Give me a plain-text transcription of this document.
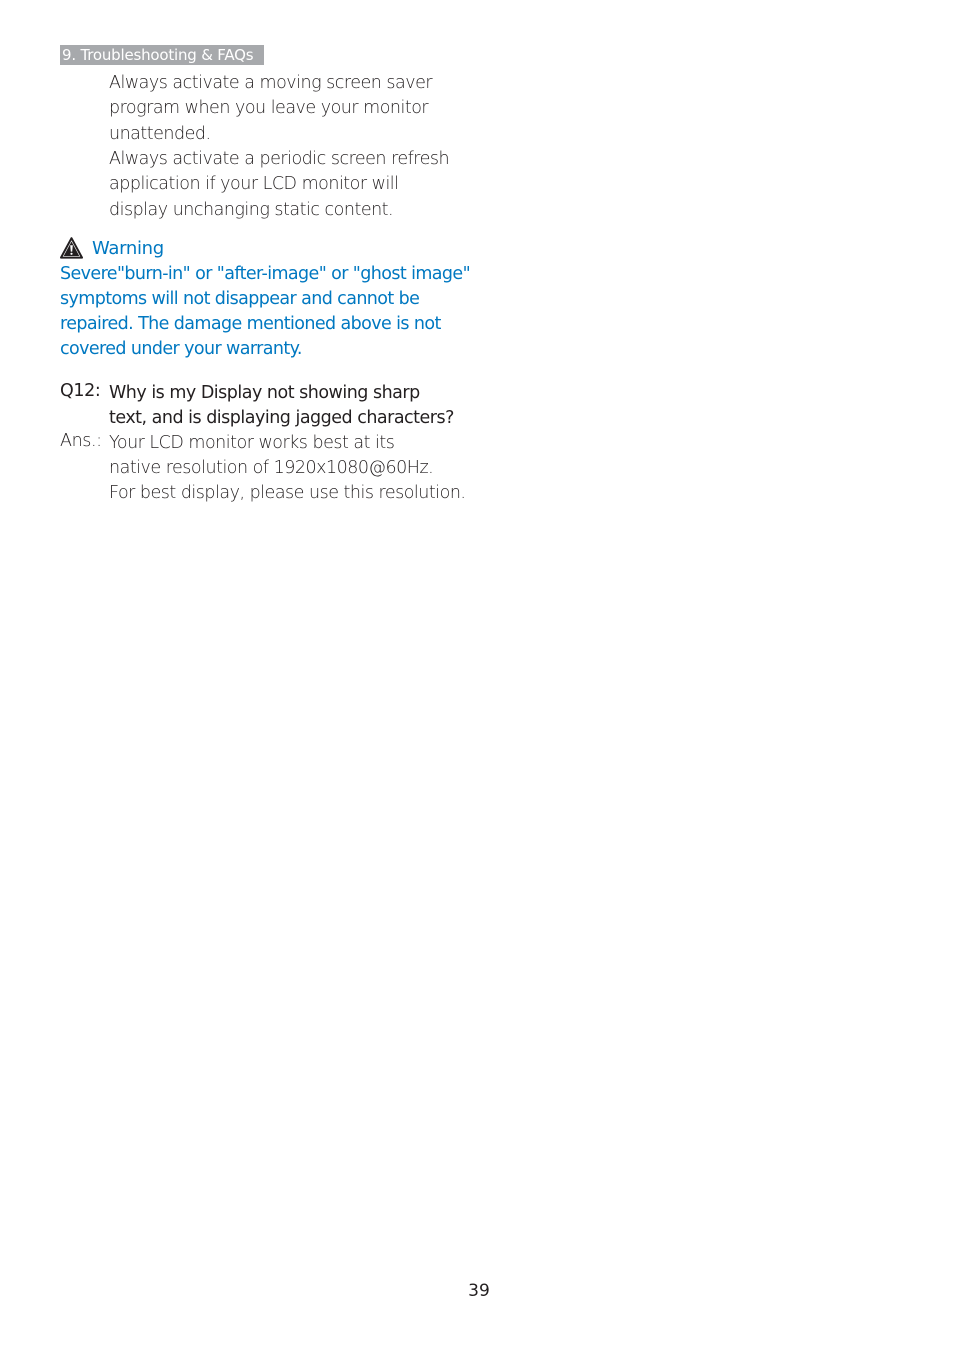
9. Troubleshooting & FAQs
Always activate a moving screen saver
program when you leave your monitor
unattended.
Always activate a periodic screen refresh
application if your LCD monitor will
display unchanging static content.
Warning
Severe"burn-in" or "after-image" or "ghost image"
symptoms will not disappear and cannot be
repaired. The damage mentioned above is not
covered under your warranty.
Q12: Why is my Display not showing sharp
text, and is displaying jagged characters?
Ans.: Your LCD monitor works best at its
native resolution of 1920x1080@60Hz.
For best display, please use this resolution.
39
